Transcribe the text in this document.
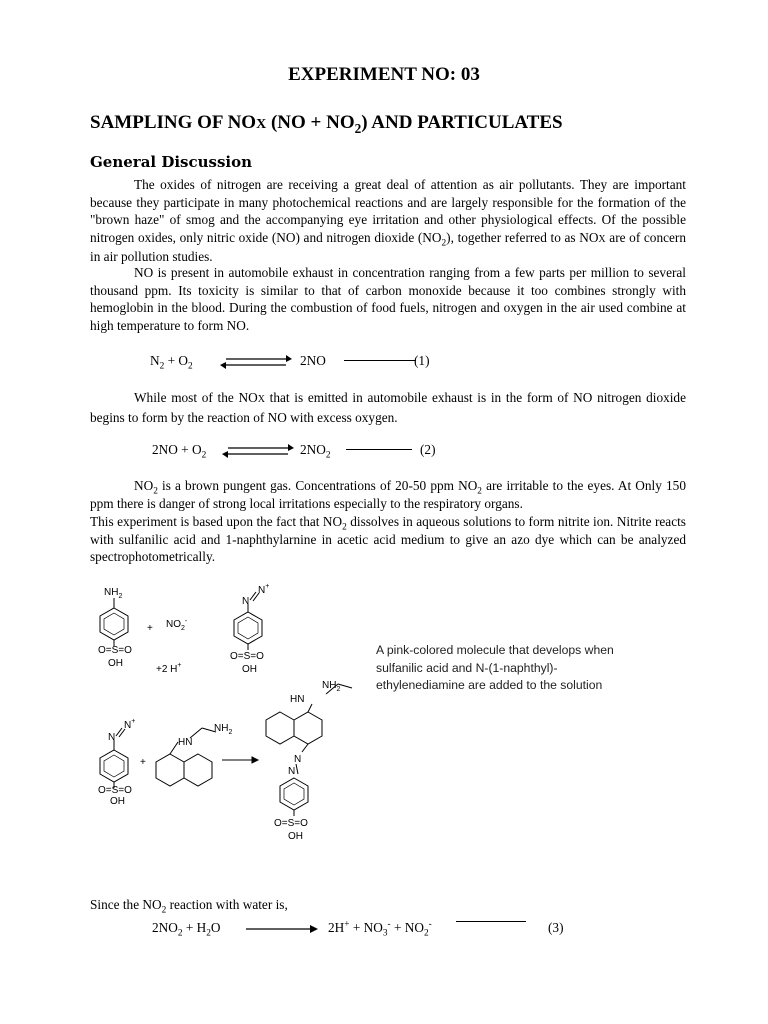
EXPERIMENT NO: 03
SAMPLING OF NOX $(NO + NO_2)$ AND PARTICULATES
General Discussion

The oxides of nitrogen are receiving a great deal of attention as air pollutants. They are important because they participate in many photochemical reactions and are largely responsible for the formation of the "brown haze" of smog and the accompanying eye irritation and other physiological effects. Of the possible nitrogen oxides, only nitric oxide (NO) and nitrogen dioxide $(NO_2)$, together referred to as NOX are of concern in air pollution studies.

NO is present in automobile exhaust in concentration ranging from a few parts per million to several thousand ppm. Its toxicity is similar to that of carbon monoxide because it too combines strongly with hemoglobin in the blood. During the combustion of food fuels, nitrogen and oxygen in the air used combine at high temperature to form NO.

$N_2 + O_2$	2NO	(1)

While most of the NOX that is emitted in automobile exhaust is in the form of NO nitrogen dioxide begins to form by the reaction of NO with excess oxygen.

$2NO + O_2$	$2NO_2$	(2)

$NO_2$ is a brown pungent gas. Concentrations of 20-50 ppm $NO_2$ are irritable to the eyes. At Only 150 ppm there is danger of strong local irritations especially to the respiratory organs.

This experiment is based upon the fact that $NO_2$ dissolves in aqueous solutions to form nitrite ion. Nitrite reacts with sulfanilic acid and 1-naphthylarnine in acetic acid medium to give an azo dye which can be analyzed spectrophotometrically.

$NH_2$
O=S=O
OH
+ $NO_2^-$
+2 H+
N
N+
O=S=O
OH
N
N+
O=S=O
OH
+
HN
$NH_2$
HN
$NH_2$
N
N
O=S=O
OH
A pink-colored molecule that develops when sulfanilic acid and N-(1-naphthyl)-ethylenediamine are added to the solution

Since the $NO_2$ reaction with water is,

$2NO_2 + H_2O$	$2H^+ + NO_3^- + NO_2^-$	(3)
